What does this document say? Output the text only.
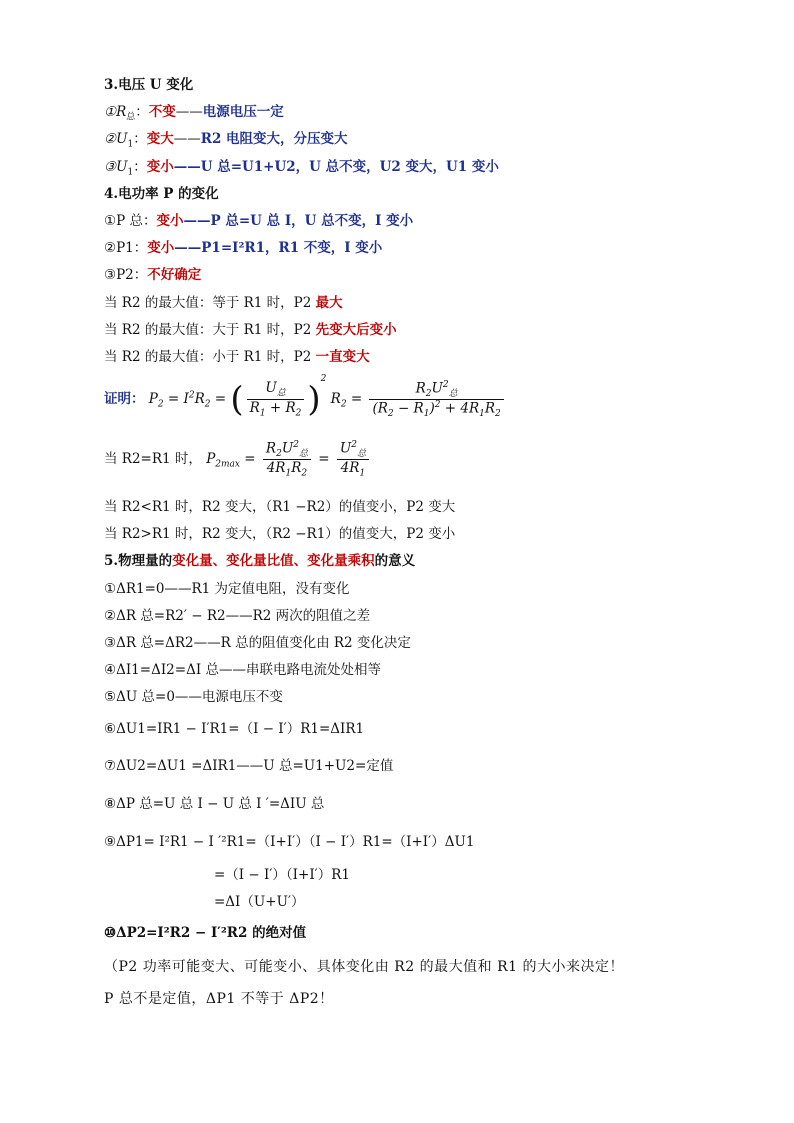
3.电压 U 变化
$①R_总$：不变——电源电压一定
$②U_1$：变大——R2 电阻变大，分压变大
$③U_1$：变小——U 总=U1+U2，U 总不变，U2 变大，U1 变小
4.电功率 P 的变化
①P 总：变小——P 总=U 总 I，U 总不变，I 变小
②P1：变小——P1=I²R1，R1 不变，I 变小
③P2：不好确定
当 R2 的最大值：等于 R1 时，P2 最大
当 R2 的最大值：大于 R1 时，P2 先变大后变小
当 R2 的最大值：小于 R1 时，P2 一直变大
证明： $P_2 = I^2R_2$ = ( $\frac{U_总}{R_1 + R_2} )^2$ $R_2 = \frac{R_2U^2_总}{(R_2 - R_1)^2 + 4R_1R_2}$
当 R2=R1 时， $P_{2max} = \frac{R_2U^2_总}{4R_1R_2} = \frac{U^2_总}{4R_1}$
当 R2<R1 时，R2 变大，（R1 −R2）的值变小，P2 变大
当 R2>R1 时，R2 变大，（R2 −R1）的值变大，P2 变小
5.物理量的变化量、变化量比值、变化量乘积的意义
①ΔR1=0——R1 为定值电阻，没有变化
②ΔR 总=R2′ − R2——R2 两次的阻值之差
③ΔR 总=ΔR2——R 总的阻值变化由 R2 变化决定
④ΔI1=ΔI2=ΔI 总——串联电路电流处处相等
⑤ΔU 总=0——电源电压不变
⑥ΔU1=IR1 − I′R1=（I − I′）R1=ΔIR1
⑦ΔU2=ΔU1 =ΔIR1——U 总=U1+U2=定值
⑧ΔP 总=U 总 I − U 总 I ′=ΔIU 总
⑨ΔP1= I²R1 − I ′²R1=（I+I′）（I − I′）R1=（I+I′）ΔU1
=（I − I′）（I+I′）R1
=ΔI（U+U′）
⑩ΔP2=I²R2 − I′²R2 的绝对值
（P2 功率可能变大、可能变小、具体变化由 R2 的最大值和 R1 的大小来决定！
P 总不是定值，ΔP1 不等于 ΔP2！
